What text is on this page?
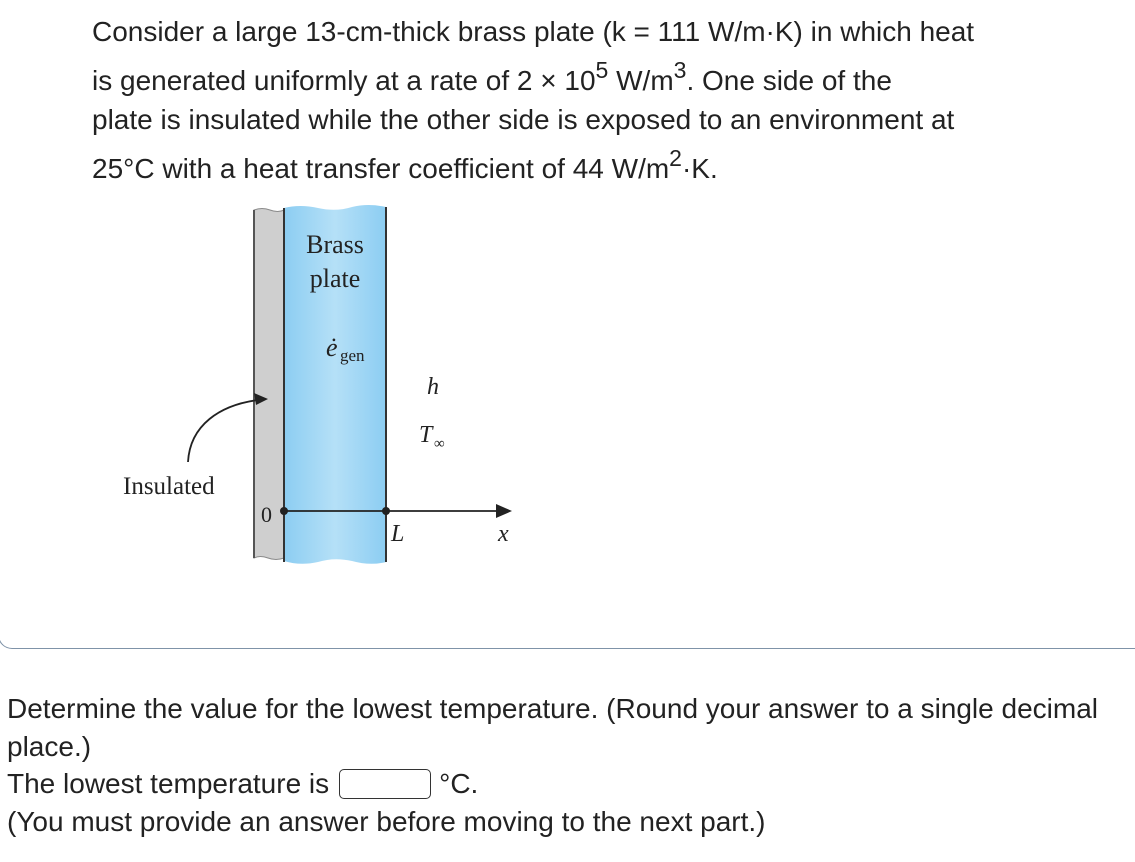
Consider a large 13-cm-thick brass plate (k = 111 W/m·K) in which heat
is generated uniformly at a rate of $2 \times 10^5$ $W/m^3$. One side of the
plate is insulated while the other side is exposed to an environment at
25°C with a heat transfer coefficient of 44 $W/m^2\cdot K$.
Brass
plate
ė gen
h
T ∞
Insulated
0
L	x
Determine the value for the lowest temperature. (Round your answer to a single decimal place.)
The lowest temperature is	°C.
(You must provide an answer before moving to the next part.)
